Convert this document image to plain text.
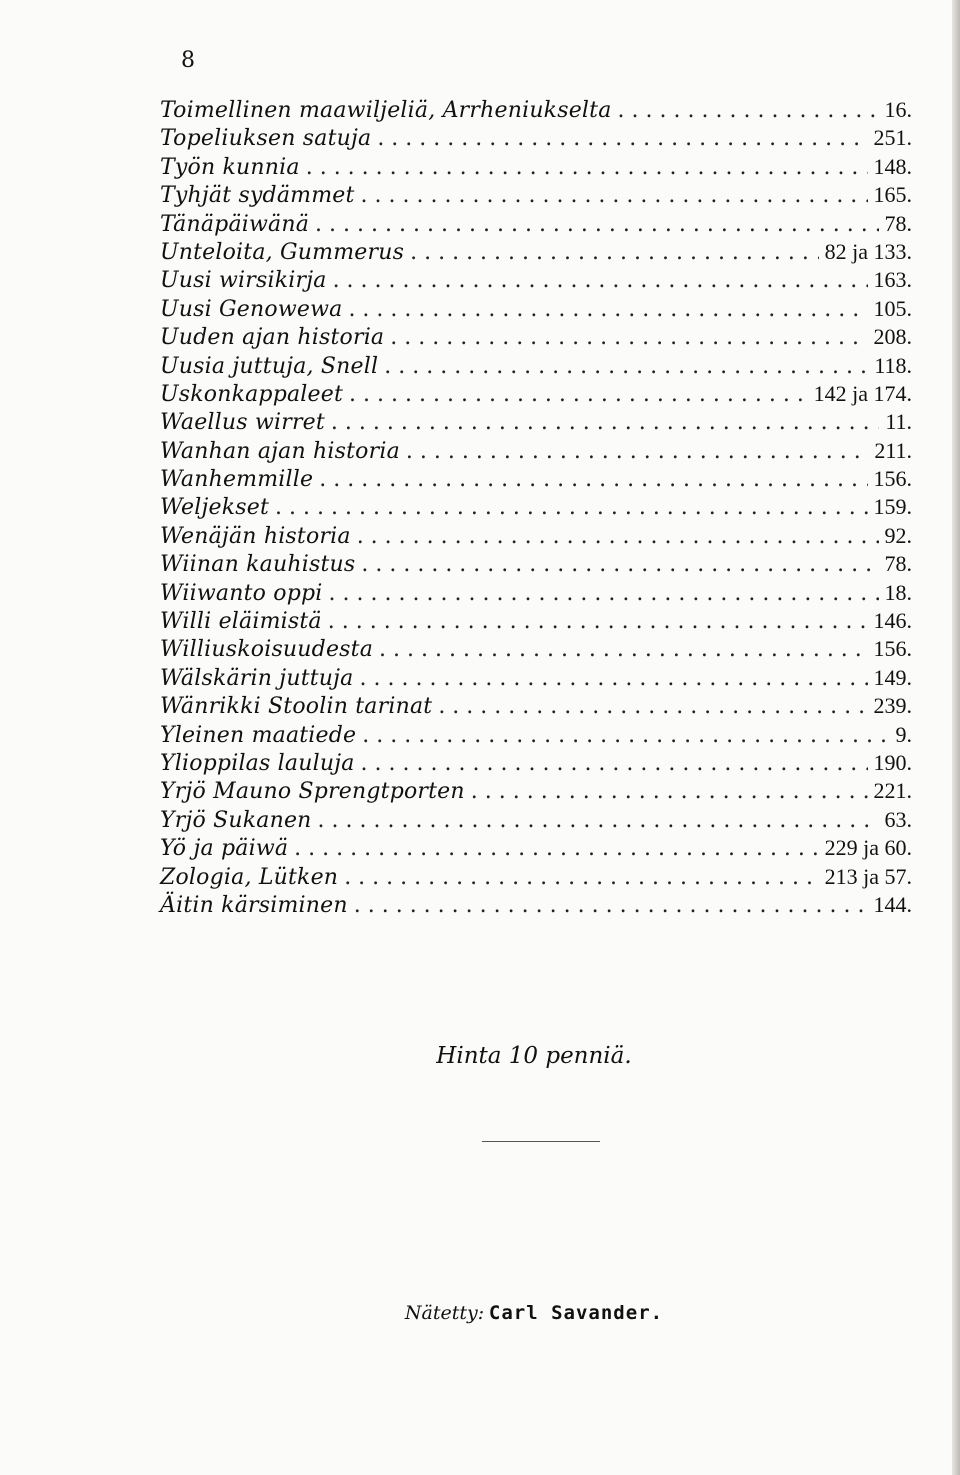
8
Toimellinen maawiljeliä, Arrheniukselta .....	16.
Topeliuksen satuja .....	251.
Työn kunnia .....	148.
Tyhjät sydämmet .....	165.
Tänäpäiwänä .....	78.
Unteloita, Gummerus .....	82 ja 133.
Uusi wirsikirja .....	163.
Uusi Genowewa .....	105.
Uuden ajan historia .....	208.
Uusia juttuja, Snell .....	118.
Uskonkappaleet .....	142 ja 174.
Waellus wirret .....	11.
Wanhan ajan historia .....	211.
Wanhemmille .....	156.
Weljekset .....	159.
Wenäjän historia .....	92.
Wiinan kauhistus .....	78.
Wiiwanto oppi .....	18.
Willi eläimistä .....	146.
Williuskoisuudesta .....	156.
Wälskärin juttuja .....	149.
Wänrikki Stoolin tarinat .....	239.
Yleinen maatiede .....	9.
Ylioppilas lauluja .....	190.
Yrjö Mauno Sprengtporten .....	221.
Yrjö Sukanen .....	63.
Yö ja päiwä .....	229 ja 60.
Zologia, Lütken .....	213 ja 57.
Äitin kärsiminen .....	144.
Hinta 10 penniä.
Nätetty: Carl Savander.
